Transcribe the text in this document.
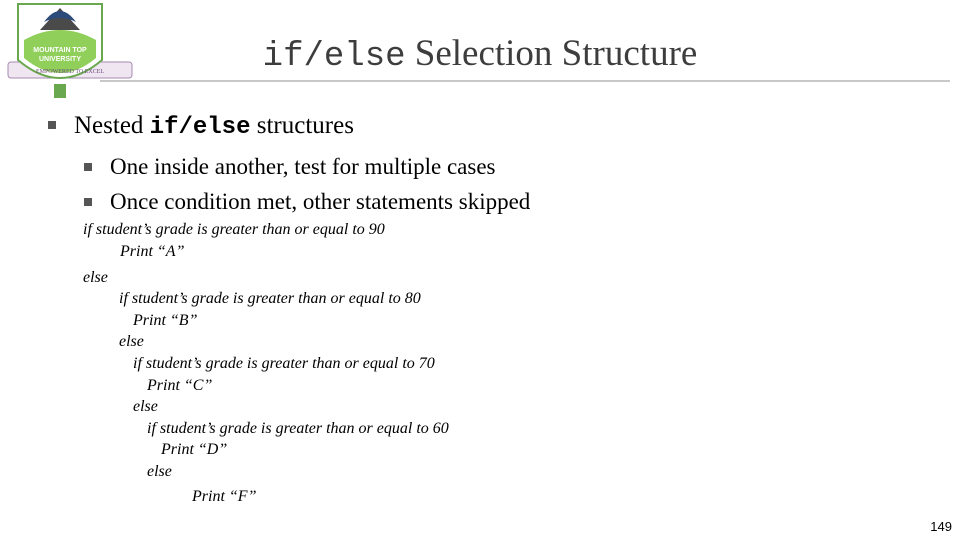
MOUNTAIN TOP
UNIVERSITY
EMPOWERED TO EXCEL	if/else Selection Structure
Nested if/else structures
One inside another, test for multiple cases
Once condition met, other statements skipped
if student’s grade is greater than or equal to 90
Print “A”
else
if student’s grade is greater than or equal to 80
Print “B”
else
if student’s grade is greater than or equal to 70
Print “C”
else
if student’s grade is greater than or equal to 60
Print “D”
else
Print “F”
149
